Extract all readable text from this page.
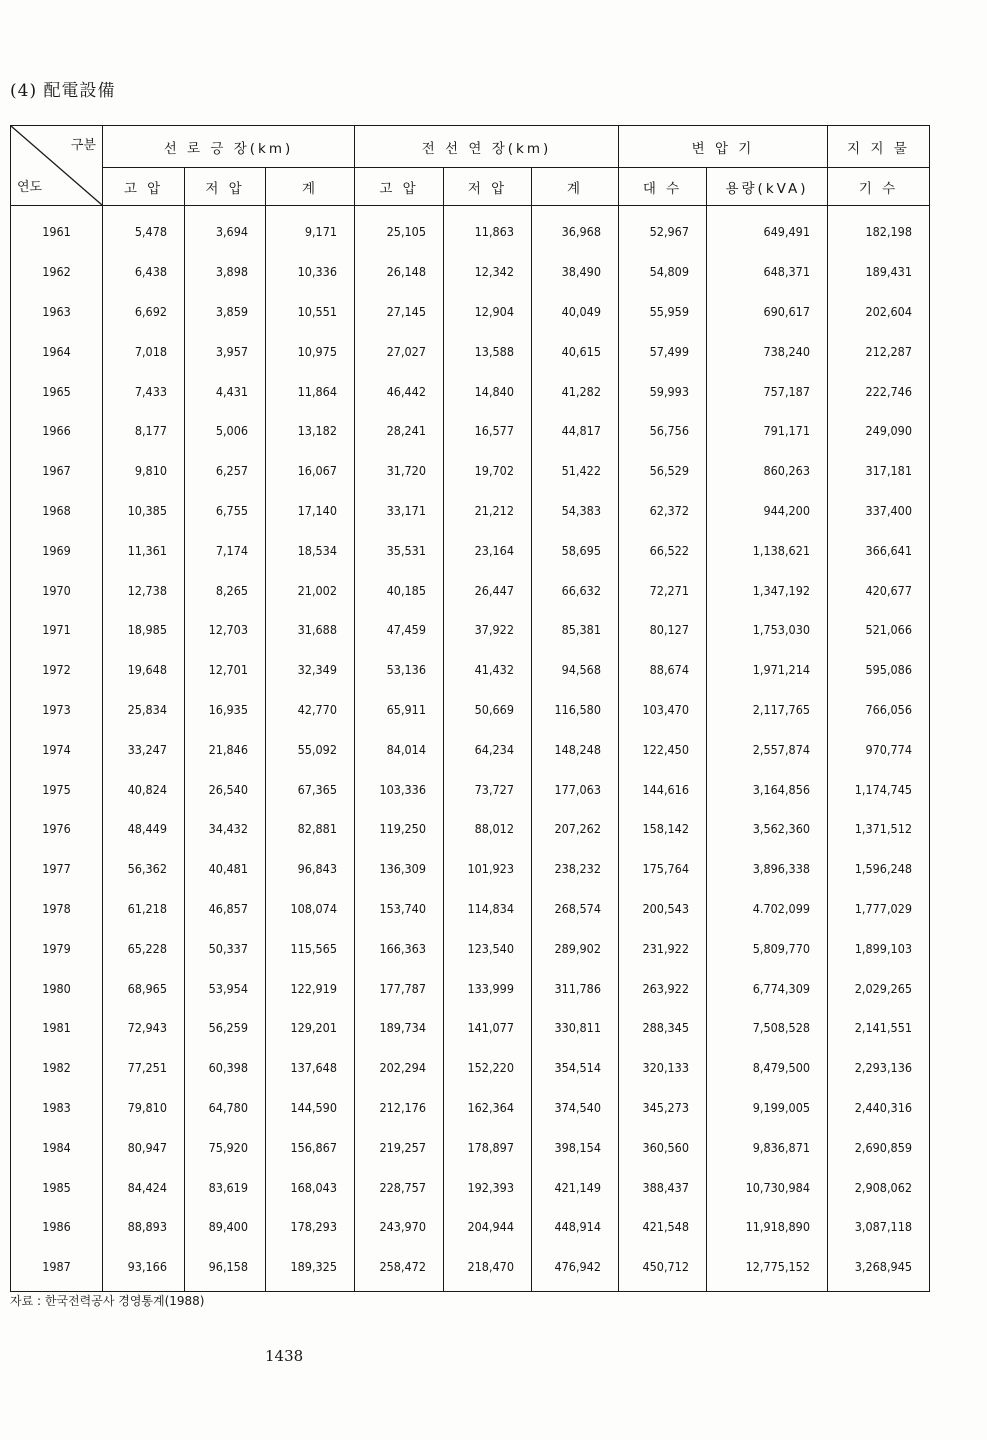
(4) 配電設備
구분
연도	선 로 긍 장(km)			전 선 연 장(km)			변 압 기		지 지 물
	고 압	저 압	계	고 압	저 압	계	대 수	용량(kVA)	기 수
1961	5,478	3,694	9,171	25,105	11,863	36,968	52,967	649,491	182,198
1962	6,438	3,898	10,336	26,148	12,342	38,490	54,809	648,371	189,431
1963	6,692	3,859	10,551	27,145	12,904	40,049	55,959	690,617	202,604
1964	7,018	3,957	10,975	27,027	13,588	40,615	57,499	738,240	212,287
1965	7,433	4,431	11,864	46,442	14,840	41,282	59,993	757,187	222,746
1966	8,177	5,006	13,182	28,241	16,577	44,817	56,756	791,171	249,090
1967	9,810	6,257	16,067	31,720	19,702	51,422	56,529	860,263	317,181
1968	10,385	6,755	17,140	33,171	21,212	54,383	62,372	944,200	337,400
1969	11,361	7,174	18,534	35,531	23,164	58,695	66,522	1,138,621	366,641
1970	12,738	8,265	21,002	40,185	26,447	66,632	72,271	1,347,192	420,677
1971	18,985	12,703	31,688	47,459	37,922	85,381	80,127	1,753,030	521,066
1972	19,648	12,701	32,349	53,136	41,432	94,568	88,674	1,971,214	595,086
1973	25,834	16,935	42,770	65,911	50,669	116,580	103,470	2,117,765	766,056
1974	33,247	21,846	55,092	84,014	64,234	148,248	122,450	2,557,874	970,774
1975	40,824	26,540	67,365	103,336	73,727	177,063	144,616	3,164,856	1,174,745
1976	48,449	34,432	82,881	119,250	88,012	207,262	158,142	3,562,360	1,371,512
1977	56,362	40,481	96,843	136,309	101,923	238,232	175,764	3,896,338	1,596,248
1978	61,218	46,857	108,074	153,740	114,834	268,574	200,543	4.702,099	1,777,029
1979	65,228	50,337	115,565	166,363	123,540	289,902	231,922	5,809,770	1,899,103
1980	68,965	53,954	122,919	177,787	133,999	311,786	263,922	6,774,309	2,029,265
1981	72,943	56,259	129,201	189,734	141,077	330,811	288,345	7,508,528	2,141,551
1982	77,251	60,398	137,648	202,294	152,220	354,514	320,133	8,479,500	2,293,136
1983	79,810	64,780	144,590	212,176	162,364	374,540	345,273	9,199,005	2,440,316
1984	80,947	75,920	156,867	219,257	178,897	398,154	360,560	9,836,871	2,690,859
1985	84,424	83,619	168,043	228,757	192,393	421,149	388,437	10,730,984	2,908,062
1986	88,893	89,400	178,293	243,970	204,944	448,914	421,548	11,918,890	3,087,118
1987	93,166	96,158	189,325	258,472	218,470	476,942	450,712	12,775,152	3,268,945
자료 : 한국전력공사 경영통계(1988)
1438
